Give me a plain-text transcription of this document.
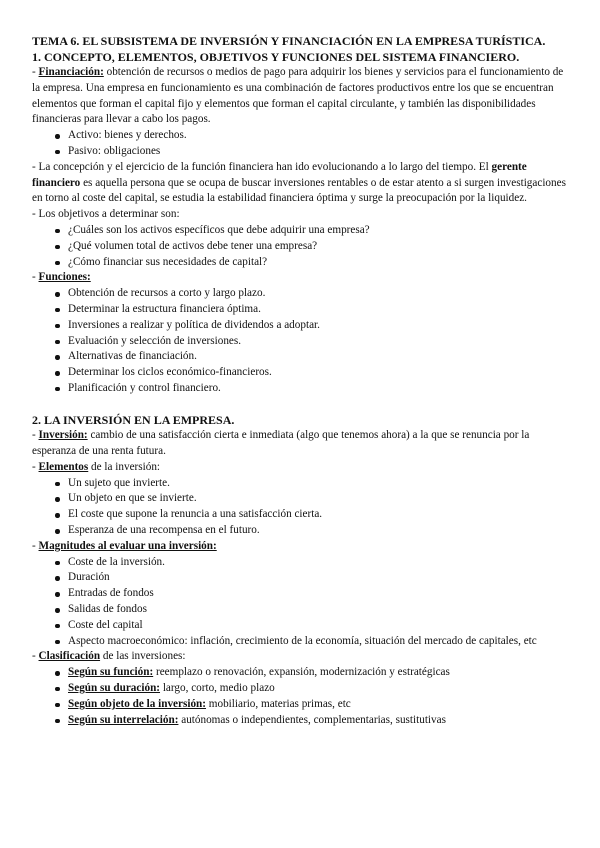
TEMA 6. EL SUBSISTEMA DE INVERSIÓN Y FINANCIACIÓN EN LA EMPRESA TURÍSTICA.
1. CONCEPTO, ELEMENTOS, OBJETIVOS Y FUNCIONES DEL SISTEMA FINANCIERO.

- Financiación: obtención de recursos o medios de pago para adquirir los bienes y servicios para el funcionamiento de la empresa. Una empresa en funcionamiento es una combinación de factores productivos entre los que se encuentran elementos que forman el capital fijo y elementos que forman el capital circulante, y también las disponibilidades financieras para llevar a cabo los pagos.

Activo: bienes y derechos.
Pasivo: obligaciones

- La concepción y el ejercicio de la función financiera han ido evolucionando a lo largo del tiempo. El gerente financiero es aquella persona que se ocupa de buscar inversiones rentables o de estar atento a si surgen investigaciones en torno al coste del capital, se estudia la estabilidad financiera óptima y surge la preocupación por la liquidez.

- Los objetivos a determinar son:

¿Cuáles son los activos específicos que debe adquirir una empresa?
¿Qué volumen total de activos debe tener una empresa?
¿Cómo financiar sus necesidades de capital?

- Funciones:

Obtención de recursos a corto y largo plazo.
Determinar la estructura financiera óptima.
Inversiones a realizar y política de dividendos a adoptar.
Evaluación y selección de inversiones.
Alternativas de financiación.
Determinar los ciclos económico-financieros.
Planificación y control financiero.
2. LA INVERSIÓN EN LA EMPRESA.

- Inversión: cambio de una satisfacción cierta e inmediata (algo que tenemos ahora) a la que se renuncia por la esperanza de una renta futura.

- Elementos de la inversión:

Un sujeto que invierte.
Un objeto en que se invierte.
El coste que supone la renuncia a una satisfacción cierta.
Esperanza de una recompensa en el futuro.

- Magnitudes al evaluar una inversión:

Coste de la inversión.
Duración
Entradas de fondos
Salidas de fondos
Coste del capital
Aspecto macroeconómico: inflación, crecimiento de la economía, situación del mercado de capitales, etc

- Clasificación de las inversiones:

Según su función: reemplazo o renovación, expansión, modernización y estratégicas
Según su duración: largo, corto, medio plazo
Según objeto de la inversión: mobiliario, materias primas, etc
Según su interrelación: autónomas o independientes, complementarias, sustitutivas
